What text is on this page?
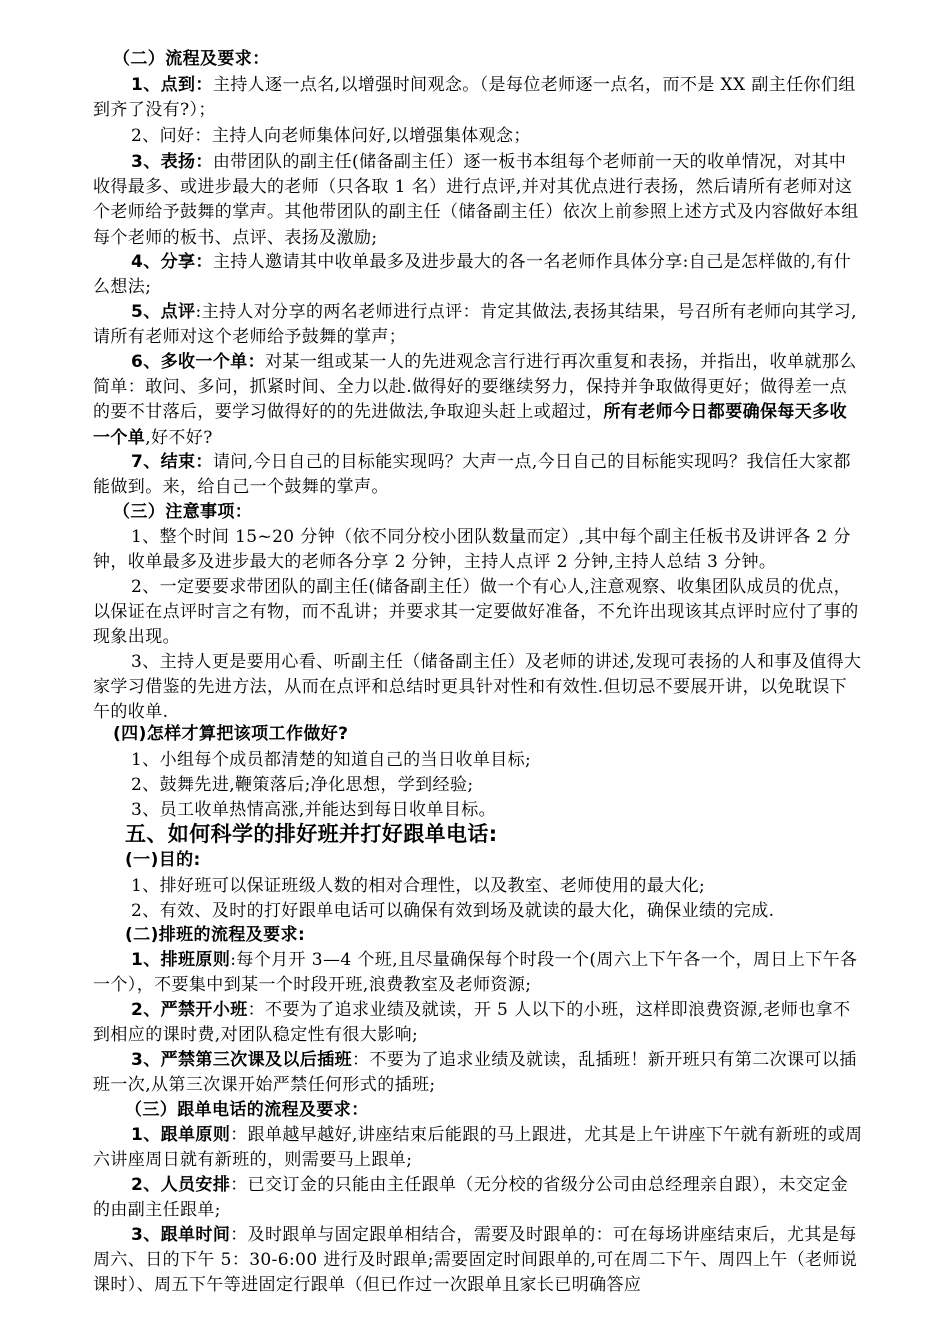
（二）流程及要求：
1、点到：主持人逐一点名,以增强时间观念。（是每位老师逐一点名，而不是 XX 副主任你们组到齐了没有?）；
2、问好：主持人向老师集体问好,以增强集体观念；
3、表扬：由带团队的副主任(储备副主任）逐一板书本组每个老师前一天的收单情况，对其中收得最多、或进步最大的老师（只各取 1 名）进行点评,并对其优点进行表扬，然后请所有老师对这个老师给予鼓舞的掌声。其他带团队的副主任（储备副主任）依次上前参照上述方式及内容做好本组每个老师的板书、点评、表扬及激励;
4、分享：主持人邀请其中收单最多及进步最大的各一名老师作具体分享:自己是怎样做的,有什么想法;
5、点评:主持人对分享的两名老师进行点评：肯定其做法,表扬其结果，号召所有老师向其学习,请所有老师对这个老师给予鼓舞的掌声；
6、多收一个单：对某一组或某一人的先进观念言行进行再次重复和表扬，并指出，收单就那么简单：敢问、多问，抓紧时间、全力以赴.做得好的要继续努力，保持并争取做得更好；做得差一点的要不甘落后，要学习做得好的的先进做法,争取迎头赶上或超过，所有老师今日都要确保每天多收一个单,好不好?
7、结束：请问,今日自己的目标能实现吗？大声一点,今日自己的目标能实现吗？我信任大家都能做到。来，给自己一个鼓舞的掌声。
（三）注意事项：
1、整个时间 15~20 分钟（依不同分校小团队数量而定）,其中每个副主任板书及讲评各 2 分钟，收单最多及进步最大的老师各分享 2 分钟，主持人点评 2 分钟,主持人总结 3 分钟。
2、一定要要求带团队的副主任(储备副主任）做一个有心人,注意观察、收集团队成员的优点，以保证在点评时言之有物，而不乱讲；并要求其一定要做好准备，不允许出现该其点评时应付了事的现象出现。
3、主持人更是要用心看、听副主任（储备副主任）及老师的讲述,发现可表扬的人和事及值得大家学习借鉴的先进方法，从而在点评和总结时更具针对性和有效性.但切忌不要展开讲，以免耽误下午的收单.
(四)怎样才算把该项工作做好?
1、小组每个成员都清楚的知道自己的当日收单目标;
2、鼓舞先进,鞭策落后;净化思想，学到经验;
3、员工收单热情高涨,并能达到每日收单目标。
五、如何科学的排好班并打好跟单电话:
(一)目的:
1、排好班可以保证班级人数的相对合理性，以及教室、老师使用的最大化;
2、有效、及时的打好跟单电话可以确保有效到场及就读的最大化，确保业绩的完成.
(二)排班的流程及要求:
1、排班原则:每个月开 3—4 个班,且尽量确保每个时段一个(周六上下午各一个，周日上下午各一个），不要集中到某一个时段开班,浪费教室及老师资源;
2、严禁开小班：不要为了追求业绩及就读，开 5 人以下的小班，这样即浪费资源,老师也拿不到相应的课时费,对团队稳定性有很大影响;
3、严禁第三次课及以后插班：不要为了追求业绩及就读，乱插班！新开班只有第二次课可以插班一次,从第三次课开始严禁任何形式的插班;
（三）跟单电话的流程及要求：
1、跟单原则：跟单越早越好,讲座结束后能跟的马上跟进，尤其是上午讲座下午就有新班的或周六讲座周日就有新班的，则需要马上跟单;
2、人员安排：已交订金的只能由主任跟单（无分校的省级分公司由总经理亲自跟），未交定金的由副主任跟单;
3、跟单时间：及时跟单与固定跟单相结合，需要及时跟单的：可在每场讲座结束后，尤其是每周六、日的下午 5：30-6:00 进行及时跟单;需要固定时间跟单的,可在周二下午、周四上午（老师说课时）、周五下午等进固定行跟单（但已作过一次跟单且家长已明确答应
